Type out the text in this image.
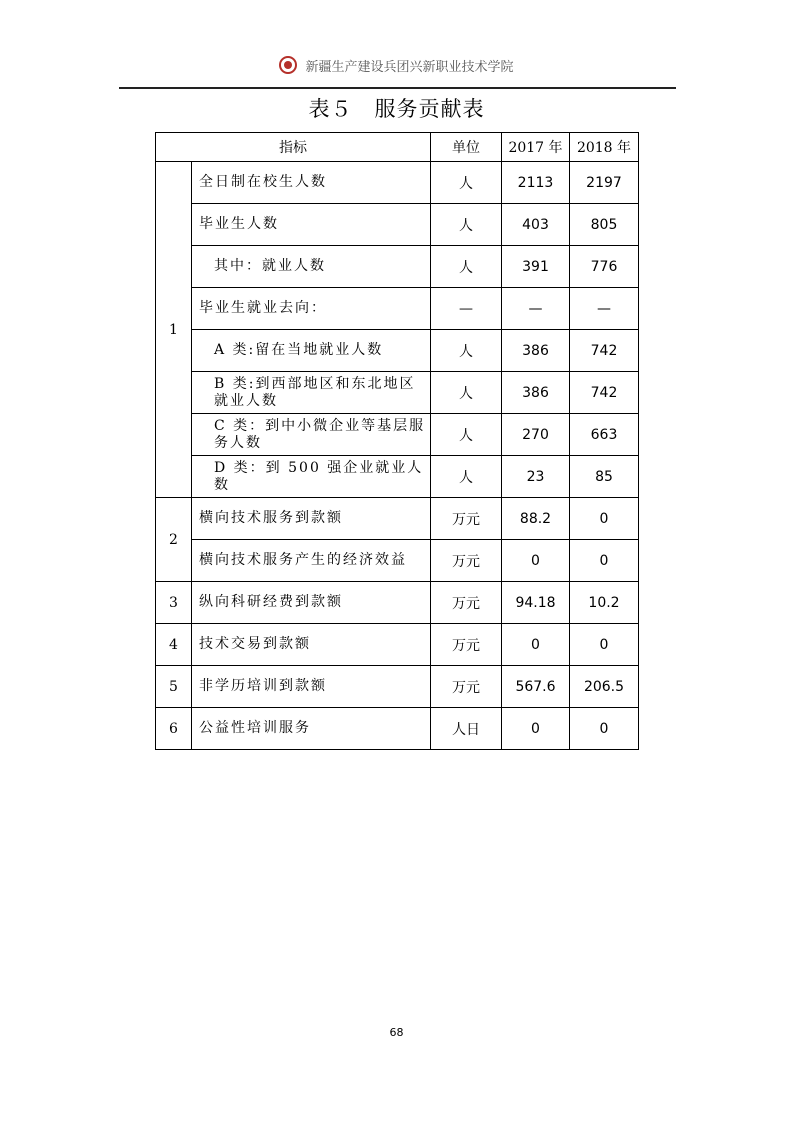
新疆生产建设兵团兴新职业技术学院
表５　服务贡献表
指标		单位	2017 年	2018 年
1	全日制在校生人数	人	2113	2197
	毕业生人数	人	403	805
	其中：就业人数	人	391	776
	毕业生就业去向：	—	—	—
	A 类:留在当地就业人数	人	386	742
	B 类:到西部地区和东北地区就业人数	人	386	742
	C 类：到中小微企业等基层服务人数	人	270	663
	D 类：到 500 强企业就业人数	人	23	85
2	横向技术服务到款额	万元	88.2	0
	横向技术服务产生的经济效益	万元	0	0
3	纵向科研经费到款额	万元	94.18	10.2
4	技术交易到款额	万元	0	0
5	非学历培训到款额	万元	567.6	206.5
6	公益性培训服务	人日	0	0
68
